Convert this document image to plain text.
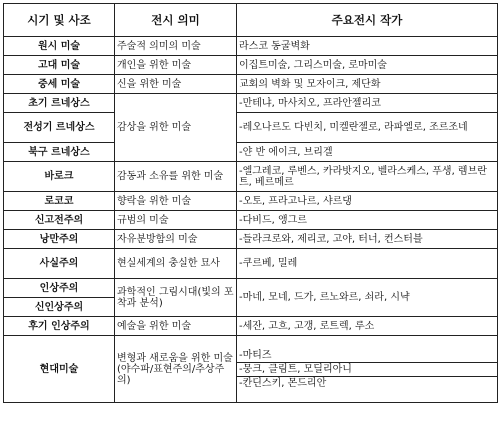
시기 및 사조	전시 의미	주요전시 작가
원시 미술	주술적 의미의 미술	라스코 동굴벽화
고대 미술	개인을 위한 미술	이집트미술, 그리스미술, 로마미술
중세 미술	신을 위한 미술	교회의 벽화 및 모자이크, 제단화
초기 르네상스	감상을 위한 미술	-만테냐, 마사치오, 프라안젤리코
전성기 르네상스		-레오나르도 다빈치, 미켈란젤로, 라파엘로, 조르조네
북구 르네상스		-얀 반 에이크, 브리겔
바로크	감동과 소유를 위한 미술	-엘그레코, 루벤스, 카라밧지오, 벨라스케스, 푸생, 렘브란트, 베르메르
로코코	향락을 위한 미술	-오토, 프라고나르, 샤르댕
신고전주의	규범의 미술	-다비드, 앵그르
낭만주의	자유분방함의 미술	-들라크로와, 제리코, 고야, 터너, 컨스터블
사실주의	현실세계의 충실한 묘사	-쿠르베, 밀레
인상주의	과학적인 그림시대(빛의 포착과 분석)	-마네, 모네, 드가, 르노와르, 쇠라, 시냑
신인상주의		
후기 인상주의	예술을 위한 미술	-세잔, 고흐, 고갱, 로트렉, 루소
현대미술	변형과 새로움을 위한 미술(야수파/표현주의/추상주의)	-마티즈
-뭉크, 클림트, 모딜리아니
-칸딘스키, 몬드리안
